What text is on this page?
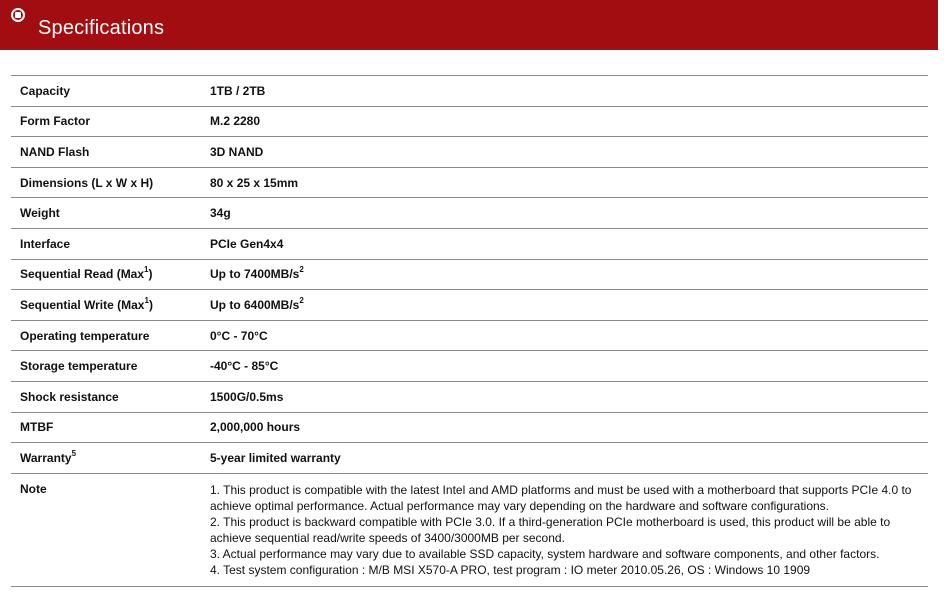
Specifications
Capacity	1TB / 2TB
Form Factor	M.2 2280
NAND Flash	3D NAND
Dimensions (L x W x H)	80 x 25 x 15mm
Weight	34g
Interface	PCIe Gen4x4
Sequential Read (Max$^1$)	Up to $7400MB/s^2$
Sequential Write (Max$^1$)	Up to $6400MB/s^2$
Operating temperature	0°C - 70°C
Storage temperature	-40°C - 85°C
Shock resistance	1500G/0.5ms
MTBF	2,000,000 hours
Warranty$^5$	5-year limited warranty
Note	1. This product is compatible with the latest Intel and AMD platforms and must be used with a motherboard that supports PCIe 4.0 to achieve optimal performance. Actual performance may vary depending on the hardware and software configurations.
2. This product is backward compatible with PCIe 3.0. If a third-generation PCIe motherboard is used, this product will be able to achieve sequential read/write speeds of 3400/3000MB per second.
3. Actual performance may vary due to available SSD capacity, system hardware and software components, and other factors.
4. Test system configuration : M/B MSI X570-A PRO, test program : IO meter 2010.05.26, OS : Windows 10 1909
